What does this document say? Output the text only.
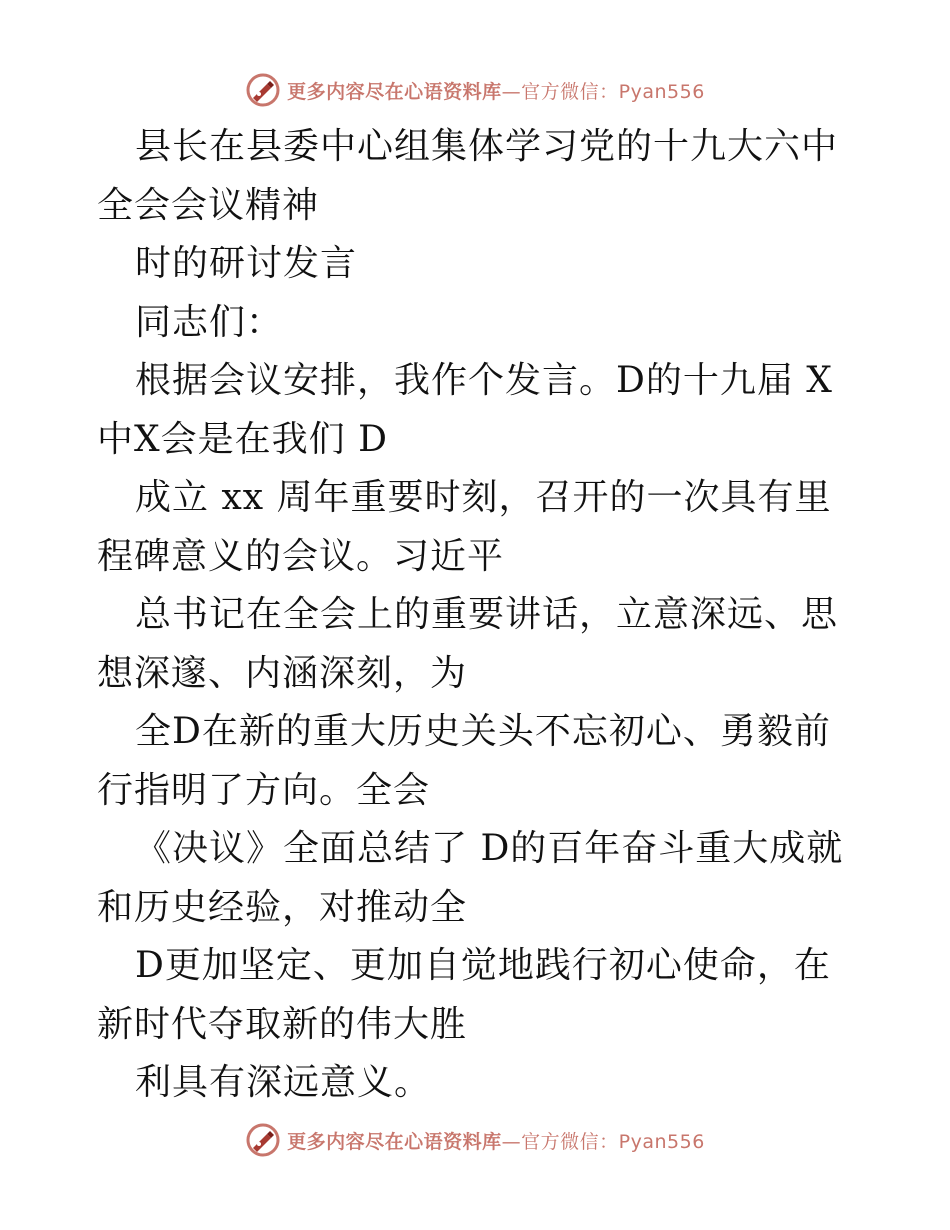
更多内容尽在心语资料库—官方微信：Pyan556

县长在县委中心组集体学习党的十九大六中全会会议精神

时的研讨发言

同志们：

根据会议安排，我作个发言。D的十九届 X中X会是在我们 D

成立 xx 周年重要时刻，召开的一次具有里程碑意义的会议。习近平

总书记在全会上的重要讲话，立意深远、思想深邃、内涵深刻，为

全D在新的重大历史关头不忘初心、勇毅前行指明了方向。全会

《决议》全面总结了 D的百年奋斗重大成就和历史经验，对推动全

D更加坚定、更加自觉地践行初心使命，在新时代夺取新的伟大胜

利具有深远意义。

更多内容尽在心语资料库—官方微信：Pyan556
